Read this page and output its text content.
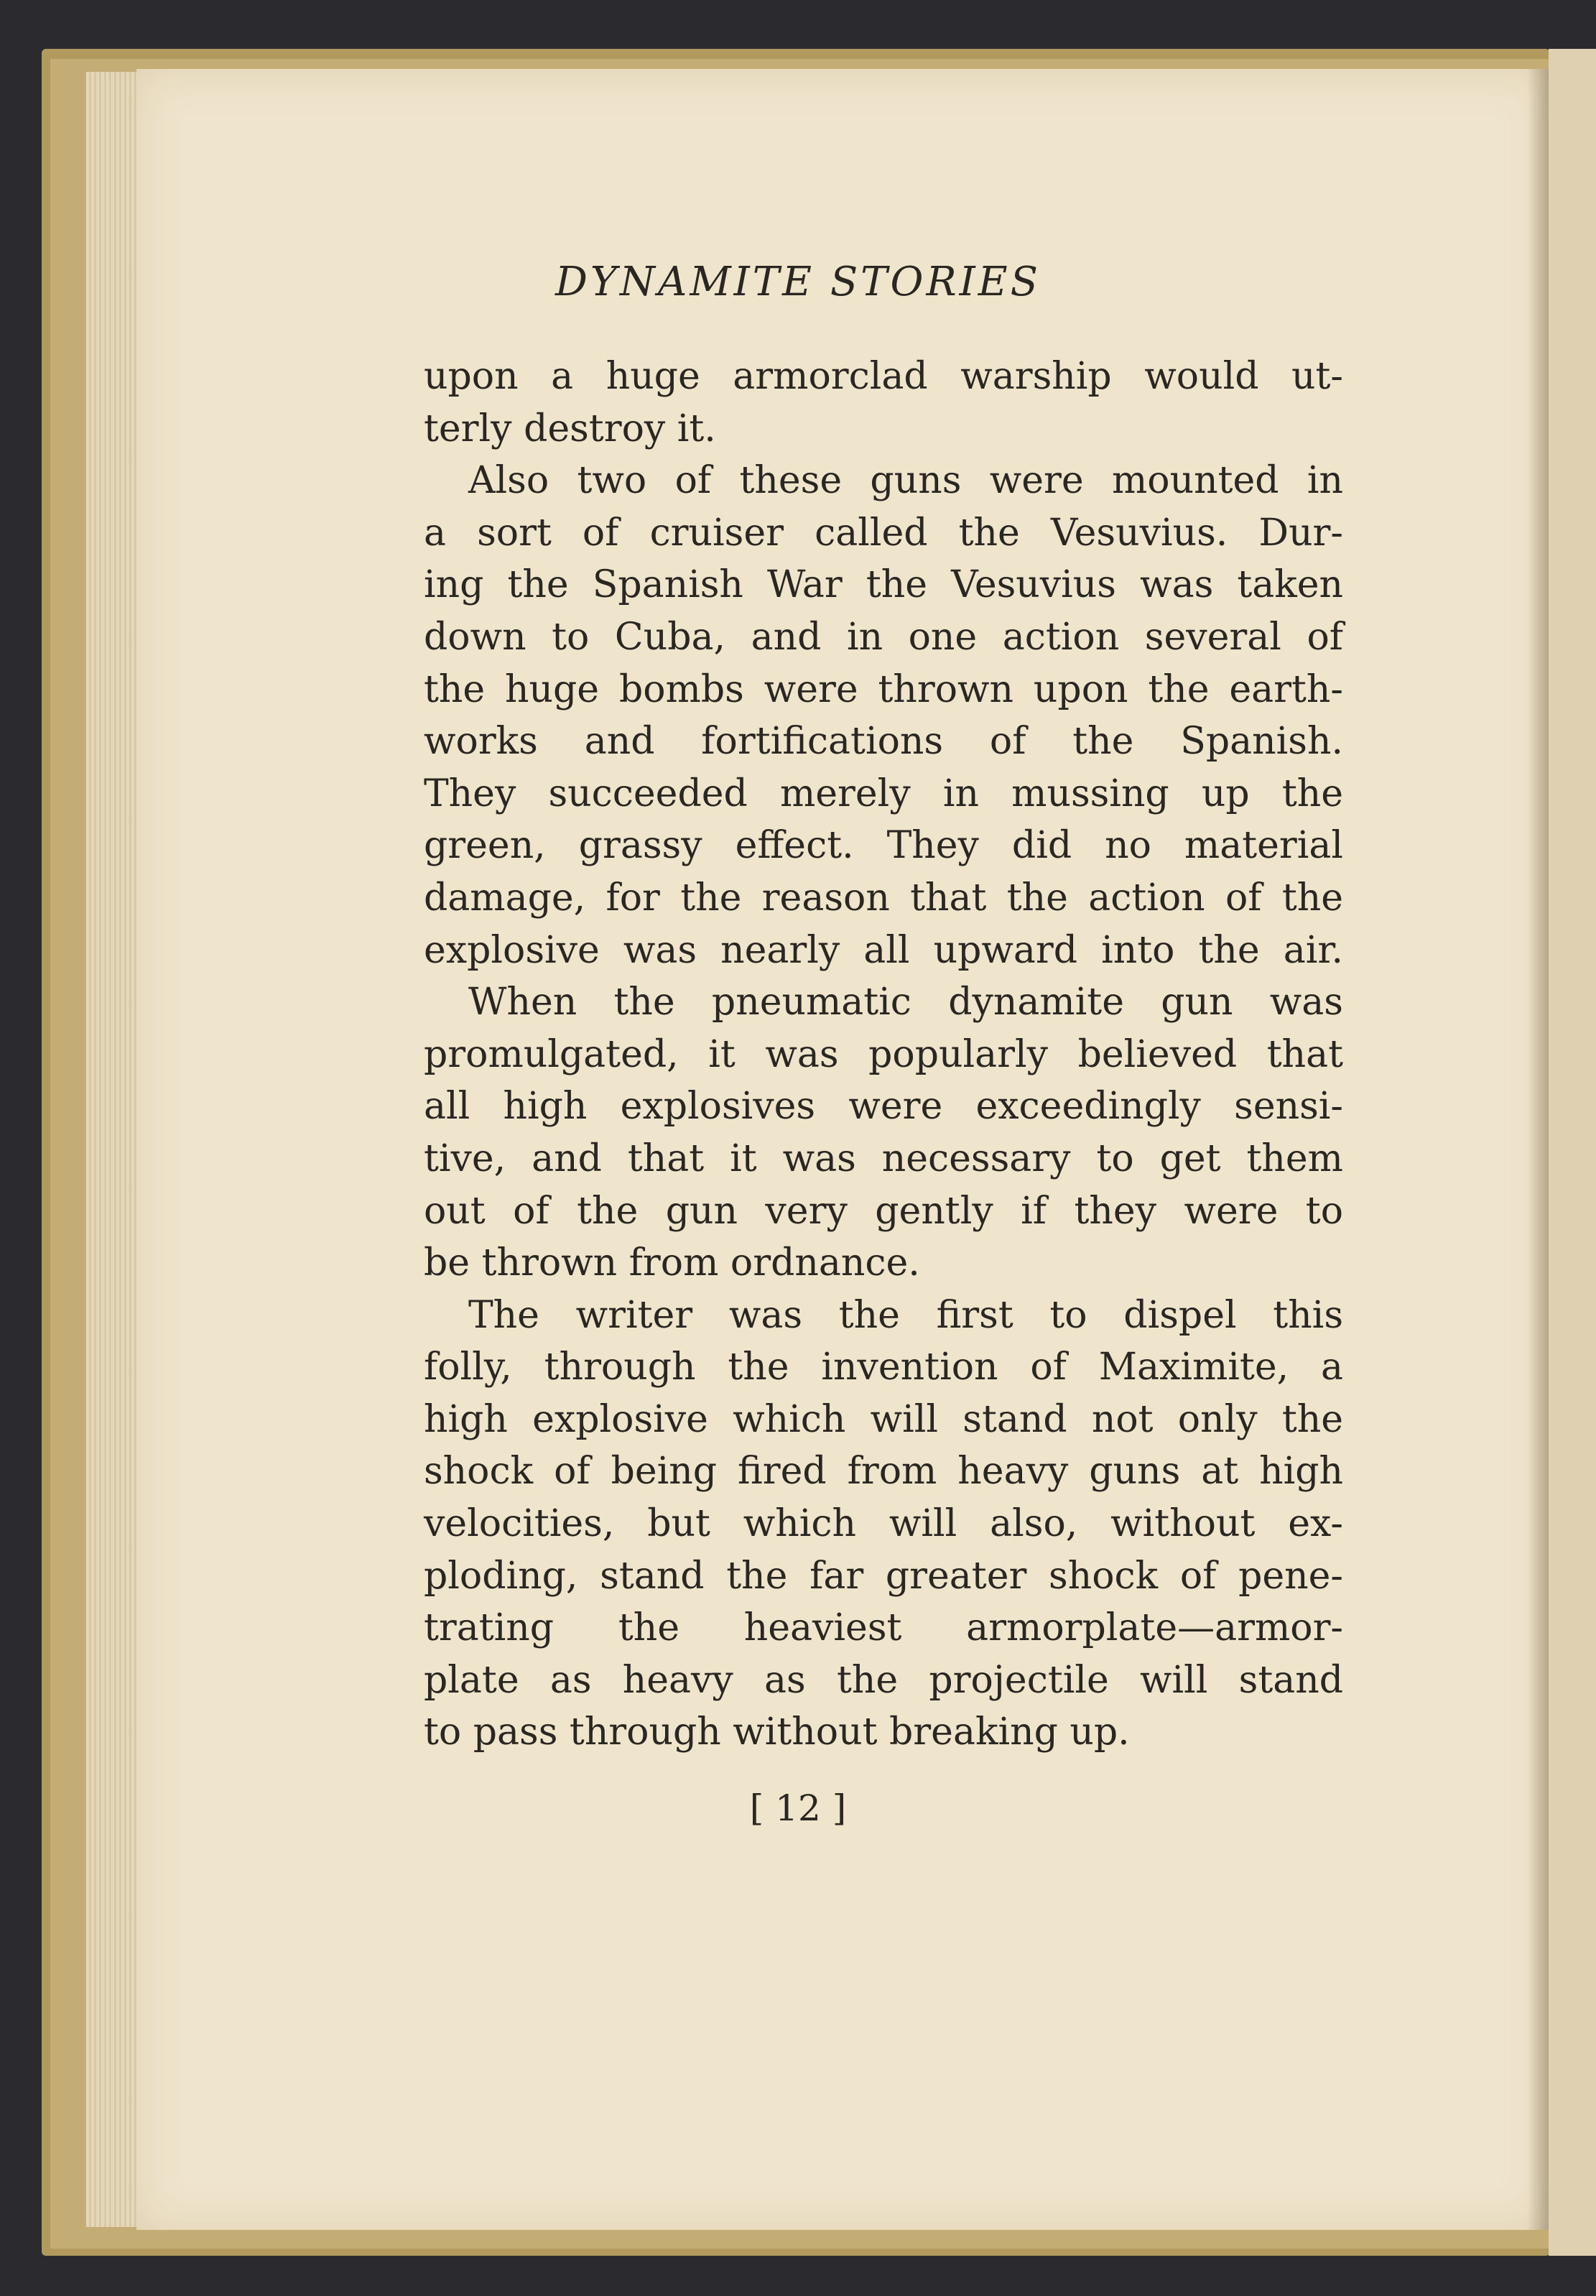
DYNAMITE STORIES
upon a huge armorclad warship would ut-
terly destroy it.
Also two of these guns were mounted in
a sort of cruiser called the Vesuvius. Dur-
ing the Spanish War the Vesuvius was taken
down to Cuba, and in one action several of
the huge bombs were thrown upon the earth-
works and fortifications of the Spanish.
They succeeded merely in mussing up the
green, grassy effect. They did no material
damage, for the reason that the action of the
explosive was nearly all upward into the air.
When the pneumatic dynamite gun was
promulgated, it was popularly believed that
all high explosives were exceedingly sensi-
tive, and that it was necessary to get them
out of the gun very gently if they were to
be thrown from ordnance.
The writer was the first to dispel this
folly, through the invention of Maximite, a
high explosive which will stand not only the
shock of being fired from heavy guns at high
velocities, but which will also, without ex-
ploding, stand the far greater shock of pene-
trating the heaviest armorplate—armor-
plate as heavy as the projectile will stand
to pass through without breaking up.
[ 12 ]
